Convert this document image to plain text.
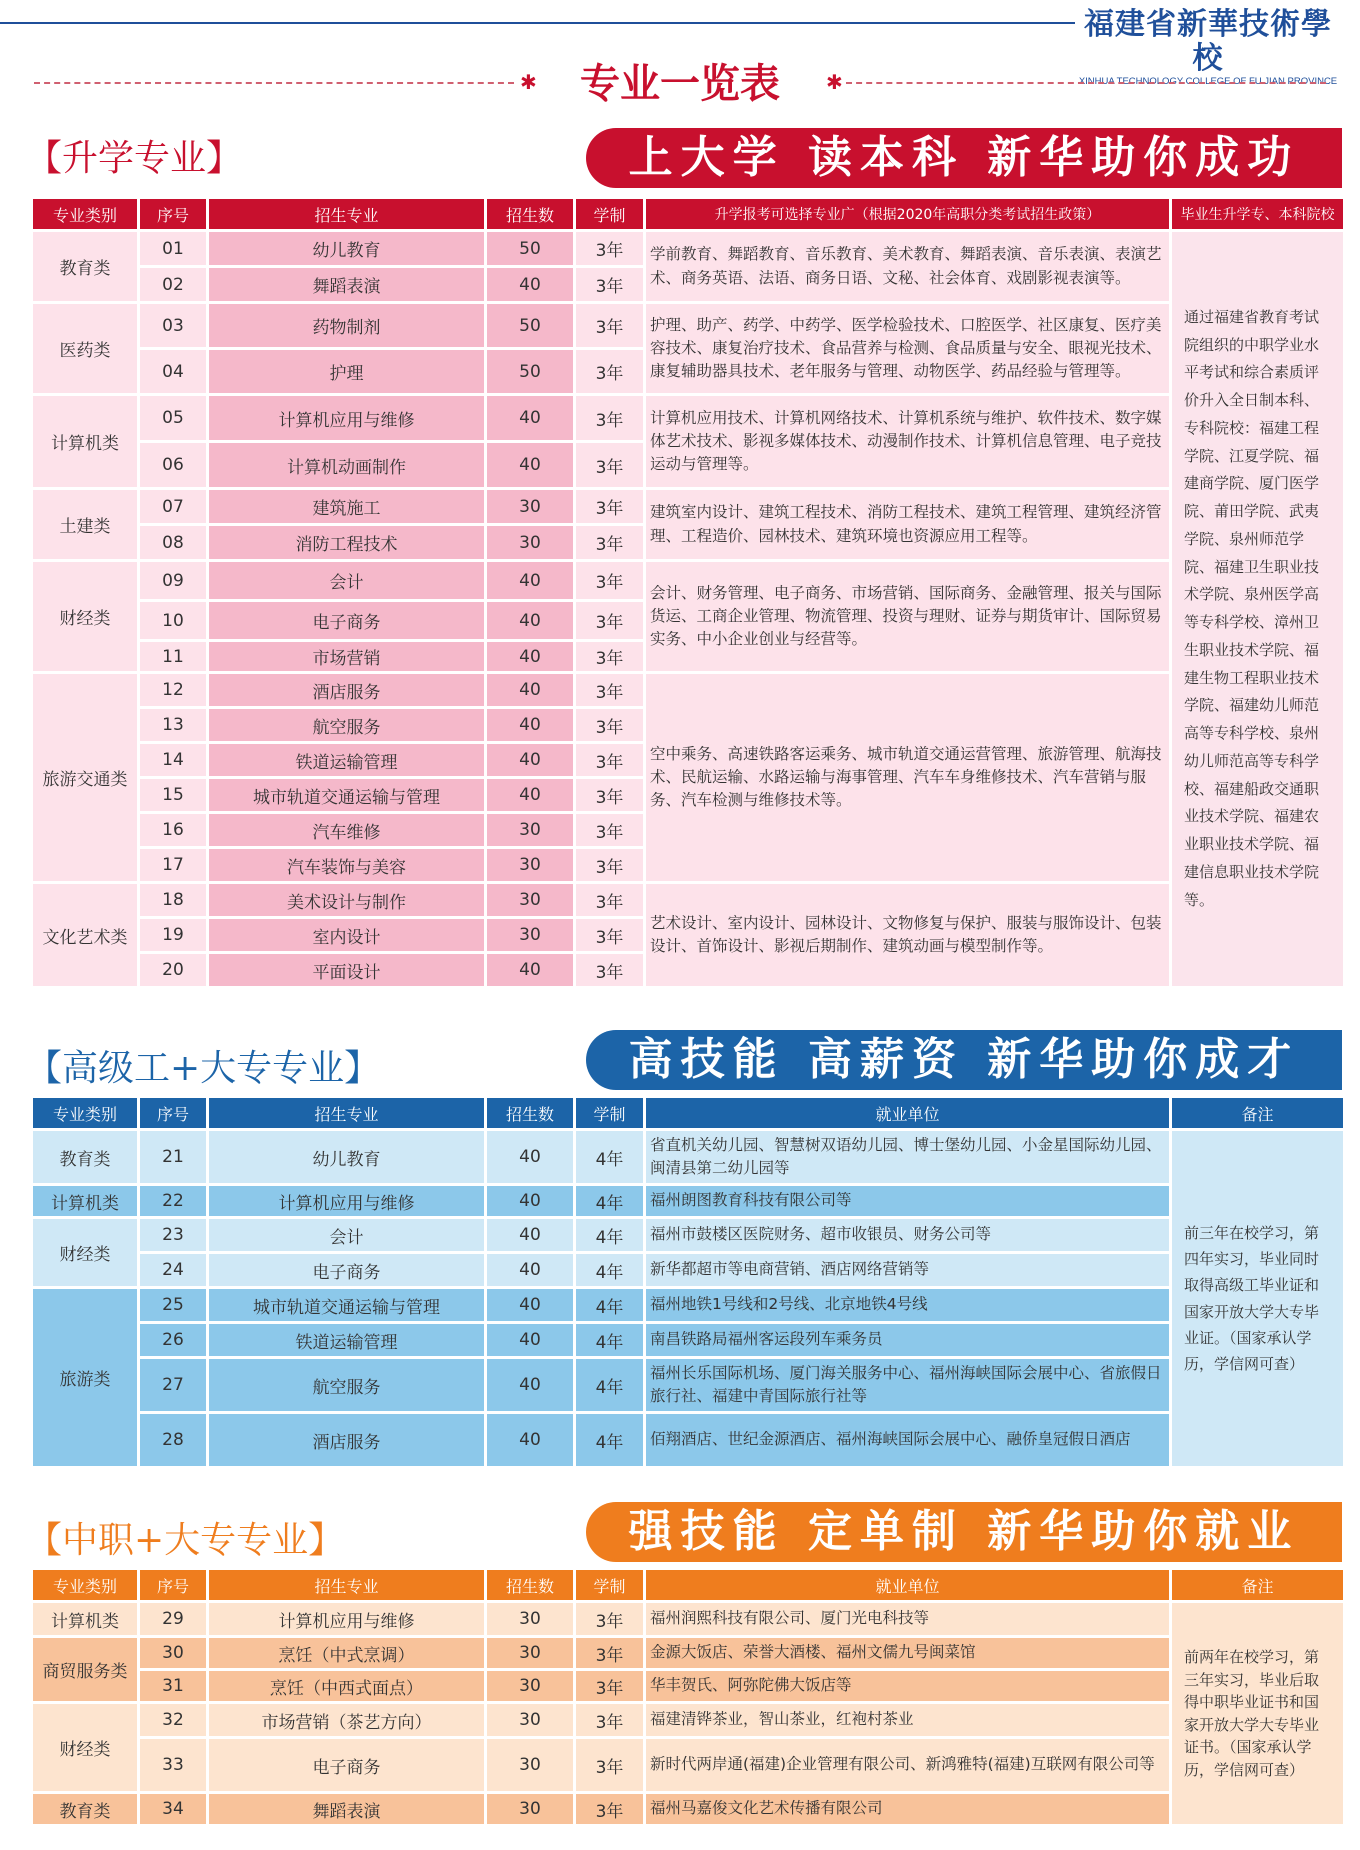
福建省新華技術學校
XINHUA TECHNOLOGY COLLEGE OF FU JIAN PROVINCE
专业一览表
✱	✱
【升学专业】	上大学 读本科 新华助你成功
专业类别	序号	招生专业	招生数	学制	升学报考可选择专业广（根据2020年高职分类考试招生政策）	毕业生升学专、本科院校
教育类	01	幼儿教育	50	3年	学前教育、舞蹈教育、音乐教育、美术教育、舞蹈表演、音乐表演、表演艺术、商务英语、法语、商务日语、文秘、社会体育、戏剧影视表演等。	通过福建省教育考试院组织的中职学业水平考试和综合素质评价升入全日制本科、专科院校：福建工程学院、江夏学院、福建商学院、厦门医学院、莆田学院、武夷学院、泉州师范学院、福建卫生职业技术学院、泉州医学高等专科学校、漳州卫生职业技术学院、福建生物工程职业技术学院、福建幼儿师范高等专科学校、泉州幼儿师范高等专科学校、福建船政交通职业技术学院、福建农业职业技术学院、福建信息职业技术学院等。
	02	舞蹈表演	40	3年		
医药类	03	药物制剂	50	3年	护理、助产、药学、中药学、医学检验技术、口腔医学、社区康复、医疗美容技术、康复治疗技术、食品营养与检测、食品质量与安全、眼视光技术、康复辅助器具技术、老年服务与管理、动物医学、药品经验与管理等。	
	04	护理	50	3年		
计算机类	05	计算机应用与维修	40	3年	计算机应用技术、计算机网络技术、计算机系统与维护、软件技术、数字媒体艺术技术、影视多媒体技术、动漫制作技术、计算机信息管理、电子竞技运动与管理等。	
	06	计算机动画制作	40	3年		
土建类	07	建筑施工	30	3年	建筑室内设计、建筑工程技术、消防工程技术、建筑工程管理、建筑经济管理、工程造价、园林技术、建筑环境也资源应用工程等。	
	08	消防工程技术	30	3年		
财经类	09	会计	40	3年	会计、财务管理、电子商务、市场营销、国际商务、金融管理、报关与国际货运、工商企业管理、物流管理、投资与理财、证券与期货审计、国际贸易实务、中小企业创业与经营等。	
	10	电子商务	40	3年		
	11	市场营销	40	3年		
旅游交通类	12	酒店服务	40	3年	空中乘务、高速铁路客运乘务、城市轨道交通运营管理、旅游管理、航海技术、民航运输、水路运输与海事管理、汽车车身维修技术、汽车营销与服务、汽车检测与维修技术等。	
	13	航空服务	40	3年		
	14	铁道运输管理	40	3年		
	15	城市轨道交通运输与管理	40	3年		
	16	汽车维修	30	3年		
	17	汽车装饰与美容	30	3年		
文化艺术类	18	美术设计与制作	30	3年	艺术设计、室内设计、园林设计、文物修复与保护、服装与服饰设计、包装设计、首饰设计、影视后期制作、建筑动画与模型制作等。	
	19	室内设计	30	3年		
	20	平面设计	40	3年		
【高级工+大专专业】	高技能 高薪资 新华助你成才
专业类别	序号	招生专业	招生数	学制	就业单位	备注
教育类	21	幼儿教育	40	4年	省直机关幼儿园、智慧树双语幼儿园、博士堡幼儿园、小金星国际幼儿园、闽清县第二幼儿园等	前三年在校学习，第四年实习，毕业同时取得高级工毕业证和国家开放大学大专毕业证。（国家承认学历，学信网可查）
计算机类	22	计算机应用与维修	40	4年	福州朗图教育科技有限公司等	
财经类	23	会计	40	4年	福州市鼓楼区医院财务、超市收银员、财务公司等	
	24	电子商务	40	4年	新华都超市等电商营销、酒店网络营销等	
旅游类	25	城市轨道交通运输与管理	40	4年	福州地铁1号线和2号线、北京地铁4号线	
	26	铁道运输管理	40	4年	南昌铁路局福州客运段列车乘务员	
	27	航空服务	40	4年	福州长乐国际机场、厦门海关服务中心、福州海峡国际会展中心、省旅假日旅行社、福建中青国际旅行社等	
	28	酒店服务	40	4年	佰翔酒店、世纪金源酒店、福州海峡国际会展中心、融侨皇冠假日酒店	
【中职+大专专业】	强技能 定单制 新华助你就业
专业类别	序号	招生专业	招生数	学制	就业单位	备注
计算机类	29	计算机应用与维修	30	3年	福州润熙科技有限公司、厦门光电科技等	前两年在校学习，第三年实习，毕业后取得中职毕业证书和国家开放大学大专毕业证书。（国家承认学历，学信网可查）
商贸服务类	30	烹饪（中式烹调）	30	3年	金源大饭店、荣誉大酒楼、福州文儒九号闽菜馆	
	31	烹饪（中西式面点）	30	3年	华丰贺氏、阿弥陀佛大饭店等	
财经类	32	市场营销（茶艺方向）	30	3年	福建清铧茶业，智山茶业，红袍村茶业	
	33	电子商务	30	3年	新时代两岸通(福建)企业管理有限公司、新鸿雅特(福建)互联网有限公司等	
教育类	34	舞蹈表演	30	3年	福州马嘉俊文化艺术传播有限公司	
